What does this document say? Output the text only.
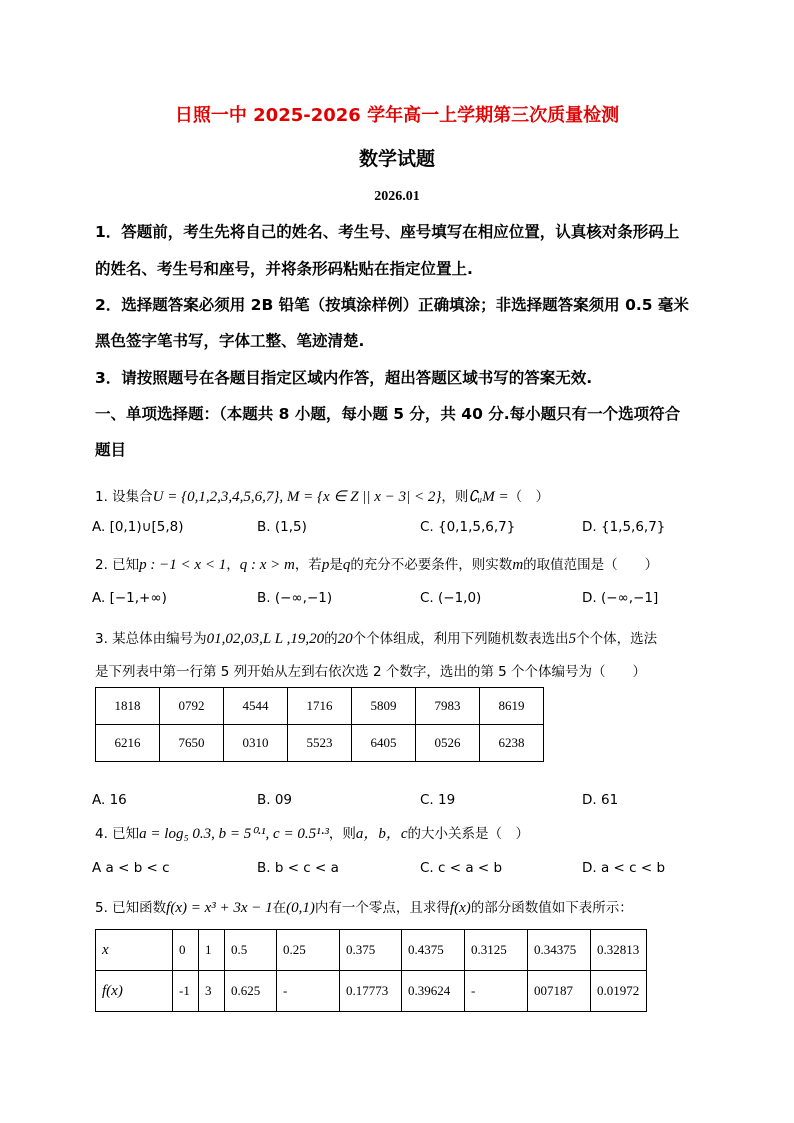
日照一中 2025-2026 学年高一上学期第三次质量检测
数学试题
2026.01
1．答题前，考生先将自己的姓名、考生号、座号填写在相应位置，认真核对条形码上
的姓名、考生号和座号，并将条形码粘贴在指定位置上.
2．选择题答案必须用 2B 铅笔（按填涂样例）正确填涂；非选择题答案须用 0.5 毫米
黑色签字笔书写，字体工整、笔迹清楚.
3．请按照题号在各题目指定区域内作答，超出答题区域书写的答案无效.
一、单项选择题：（本题共 8 小题，每小题 5 分，共 40 分.每小题只有一个选项符合
题目
1. 设集合U = {0,1,2,3,4,5,6,7}, M = {x ∈ Z || x − 3| < 2}，则∁ᵤM =（　）
A. [0,1)∪[5,8)	B. (1,5)	C. {0,1,5,6,7}	D. {1,5,6,7}
2. 已知p : −1 < x < 1，q : x > m，若p是q的充分不必要条件，则实数m的取值范围是（　　）
A. [−1,+∞)	B. (−∞,−1)	C. (−1,0)	D. (−∞,−1]
3. 某总体由编号为01,02,03,L L ,19,20的20个个体组成，利用下列随机数表选出5个个体，选法
是下列表中第一行第 5 列开始从左到右依次选 2 个数字，选出的第 5 个个体编号为（　　）
1818	0792	4544	1716	5809	7983	8619
6216	7650	0310	5523	6405	0526	6238
A. 16	B. 09	C. 19	D. 61
4. 已知a = log₅ 0.3, b = 5⁰·¹, c = 0.5¹·³，则a，b，c的大小关系是（　）
A a < b < c	B. b < c < a	C. c < a < b	D. a < c < b
5. 已知函数f(x) = x³ + 3x − 1在(0,1)内有一个零点，且求得f(x)的部分函数值如下表所示：
x	0	1	0.5	0.25	0.375	0.4375	0.3125	0.34375	0.32813
f(x)	-1	3	0.625	-	0.17773	0.39624	-	007187	0.01972
